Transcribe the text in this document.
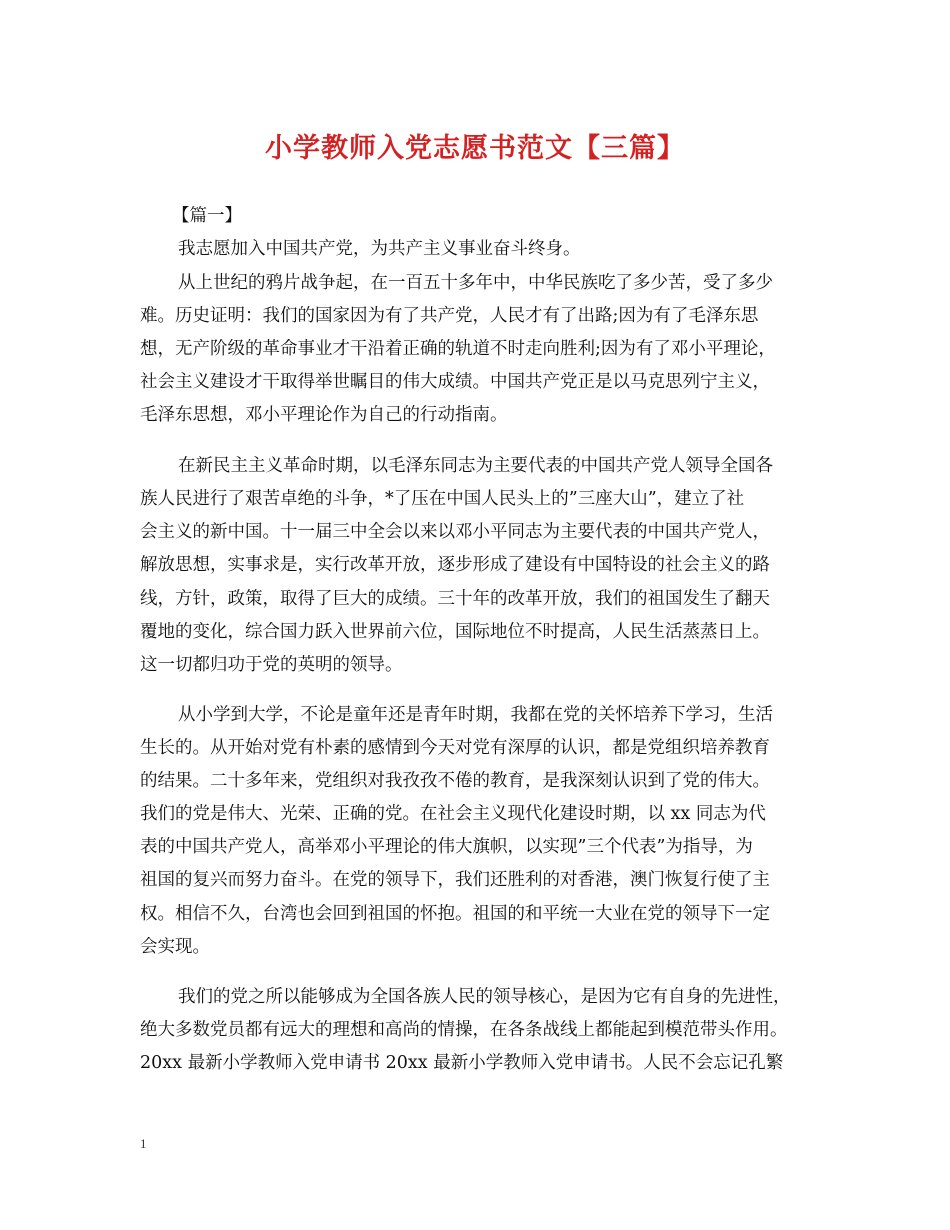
小学教师入党志愿书范文【三篇】
【篇一】
我志愿加入中国共产党，为共产主义事业奋斗终身。
从上世纪的鸦片战争起，在一百五十多年中，中华民族吃了多少苦，受了多少
难。历史证明：我们的国家因为有了共产党，人民才有了出路;因为有了毛泽东思
想，无产阶级的革命事业才干沿着正确的轨道不时走向胜利;因为有了邓小平理论，
社会主义建设才干取得举世瞩目的伟大成绩。中国共产党正是以马克思列宁主义，
毛泽东思想，邓小平理论作为自己的行动指南。
在新民主主义革命时期，以毛泽东同志为主要代表的中国共产党人领导全国各
族人民进行了艰苦卓绝的斗争，*了压在中国人民头上的”三座大山”，建立了社
会主义的新中国。十一届三中全会以来以邓小平同志为主要代表的中国共产党人，
解放思想，实事求是，实行改革开放，逐步形成了建设有中国特设的社会主义的路
线，方针，政策，取得了巨大的成绩。三十年的改革开放，我们的祖国发生了翻天
覆地的变化，综合国力跃入世界前六位，国际地位不时提高，人民生活蒸蒸日上。
这一切都归功于党的英明的领导。
从小学到大学，不论是童年还是青年时期，我都在党的关怀培养下学习，生活
生长的。从开始对党有朴素的感情到今天对党有深厚的认识，都是党组织培养教育
的结果。二十多年来，党组织对我孜孜不倦的教育，是我深刻认识到了党的伟大。
我们的党是伟大、光荣、正确的党。在社会主义现代化建设时期，以 xx 同志为代
表的中国共产党人，高举邓小平理论的伟大旗帜，以实现”三个代表”为指导，为
祖国的复兴而努力奋斗。在党的领导下，我们还胜利的对香港，澳门恢复行使了主
权。相信不久，台湾也会回到祖国的怀抱。祖国的和平统一大业在党的领导下一定
会实现。
我们的党之所以能够成为全国各族人民的领导核心，是因为它有自身的先进性，
绝大多数党员都有远大的理想和高尚的情操，在各条战线上都能起到模范带头作用。
20xx 最新小学教师入党申请书 20xx 最新小学教师入党申请书。人民不会忘记孔繁
1
